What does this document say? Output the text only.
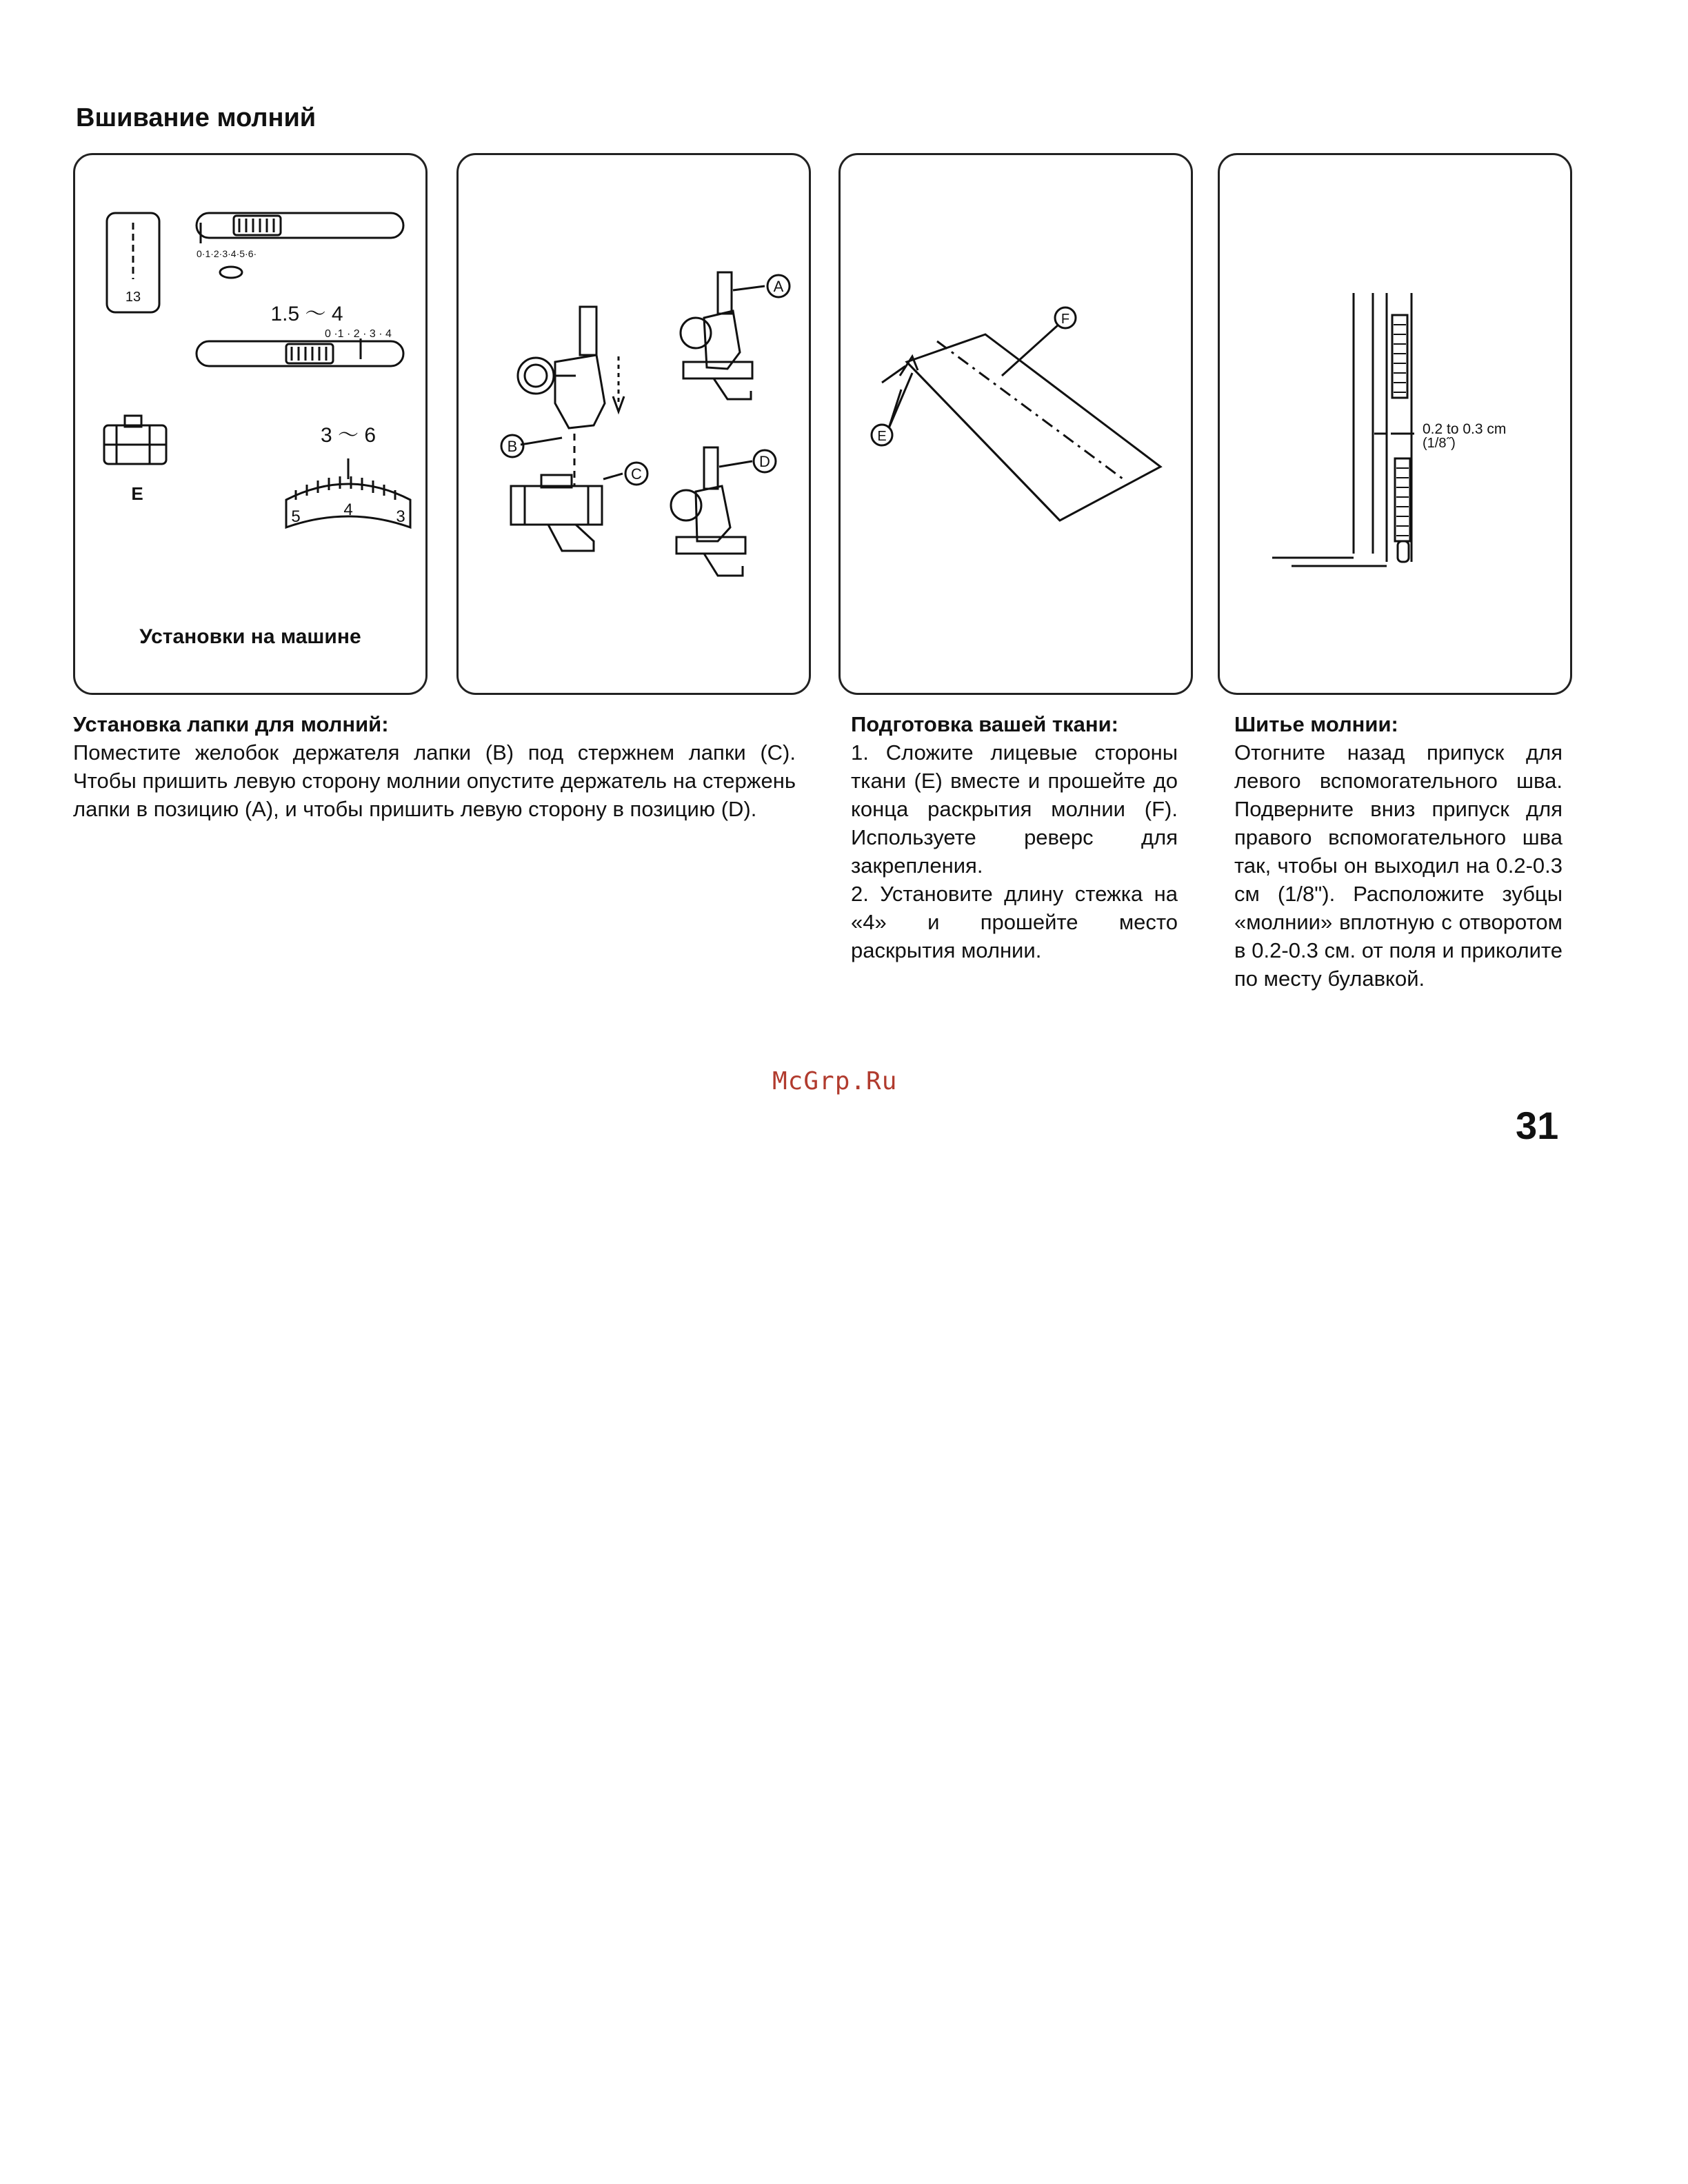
Вшивание молний
13
0·1·2·3·4·5·6·
1.5 ～ 4
0 ·1 · 2 · 3 · 4
E
3 ～ 6
5	4	3
Установки на машине
B
C
A
D
F
E	0.2 to 0.3 cm
(1/8˝)
Установка лапки для молний:

Поместите желобок держателя лапки (B) под стержнем лапки (C). Чтобы пришить левую сторону молнии опустите держатель на стержень лапки в позицию (A), и чтобы пришить левую сторону в позицию (D).

Подготовка вашей ткани:

1. Сложите лицевые стороны ткани (E) вместе и прошейте до конца раскрытия молнии (F). Используете реверс для закрепления.

2. Установите длину стежка на «4» и прошейте место раскрытия молнии.

Шитье молнии:

Отогните назад припуск для левого вспомогательного шва. Подверните вниз припуск для правого вспомогательного шва так, чтобы он выходил на 0.2-0.3 см (1/8"). Расположите зубцы «молнии» вплотную с отворотом в 0.2-0.3 см. от поля и приколите по месту булавкой.

McGrp.Ru
31
